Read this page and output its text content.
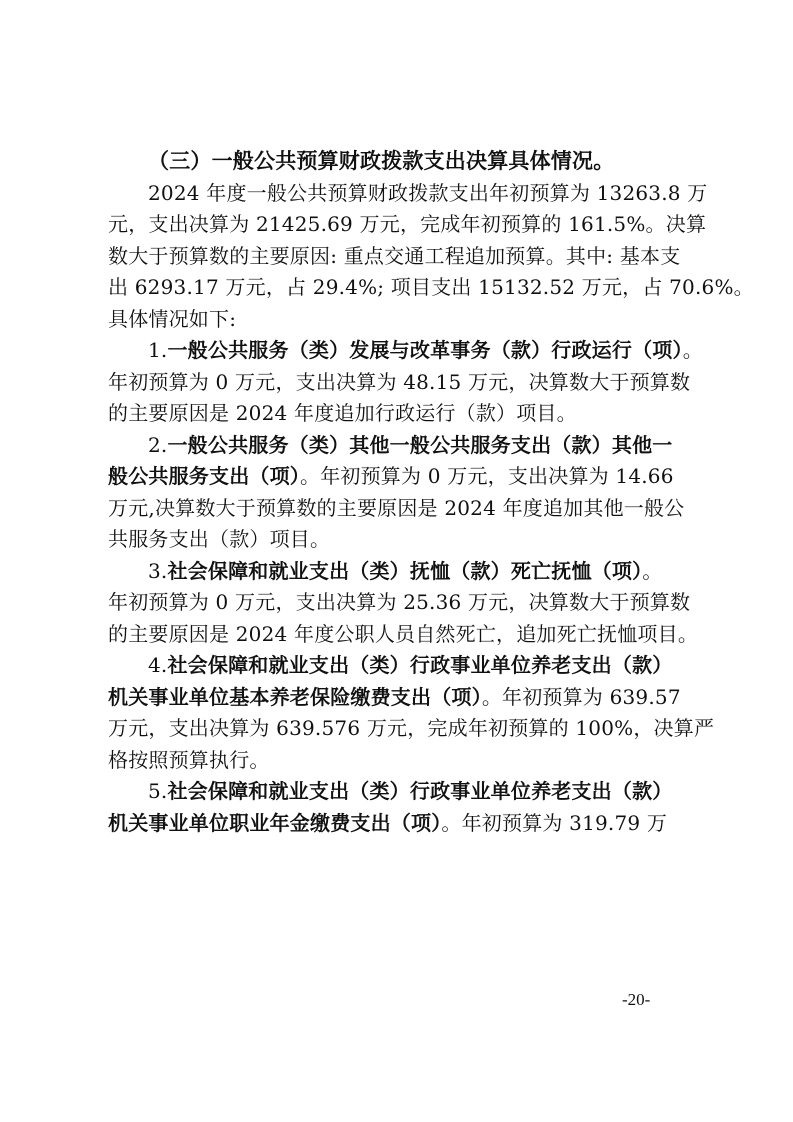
（三）一般公共预算财政拨款支出决算具体情况。
2024 年度一般公共预算财政拨款支出年初预算为 13263.8 万
元，支出决算为 21425.69 万元，完成年初预算的 161.5%。决算
数大于预算数的主要原因: 重点交通工程追加预算。其中: 基本支
出 6293.17 万元，占 29.4%; 项目支出 15132.52 万元，占 70.6%。
具体情况如下:
1.一般公共服务（类）发展与改革事务（款）行政运行（项）。
年初预算为 0 万元，支出决算为 48.15 万元，决算数大于预算数
的主要原因是 2024 年度追加行政运行（款）项目。
2.一般公共服务（类）其他一般公共服务支出（款）其他一
般公共服务支出（项）。年初预算为 0 万元，支出决算为 14.66
万元,决算数大于预算数的主要原因是 2024 年度追加其他一般公
共服务支出（款）项目。
3.社会保障和就业支出（类）抚恤（款）死亡抚恤（项）。
年初预算为 0 万元，支出决算为 25.36 万元，决算数大于预算数
的主要原因是 2024 年度公职人员自然死亡，追加死亡抚恤项目。
4.社会保障和就业支出（类）行政事业单位养老支出（款）
机关事业单位基本养老保险缴费支出（项）。年初预算为 639.57
万元，支出决算为 639.576 万元，完成年初预算的 100%，决算严
格按照预算执行。
5.社会保障和就业支出（类）行政事业单位养老支出（款）
机关事业单位职业年金缴费支出（项）。年初预算为 319.79 万
-20-
